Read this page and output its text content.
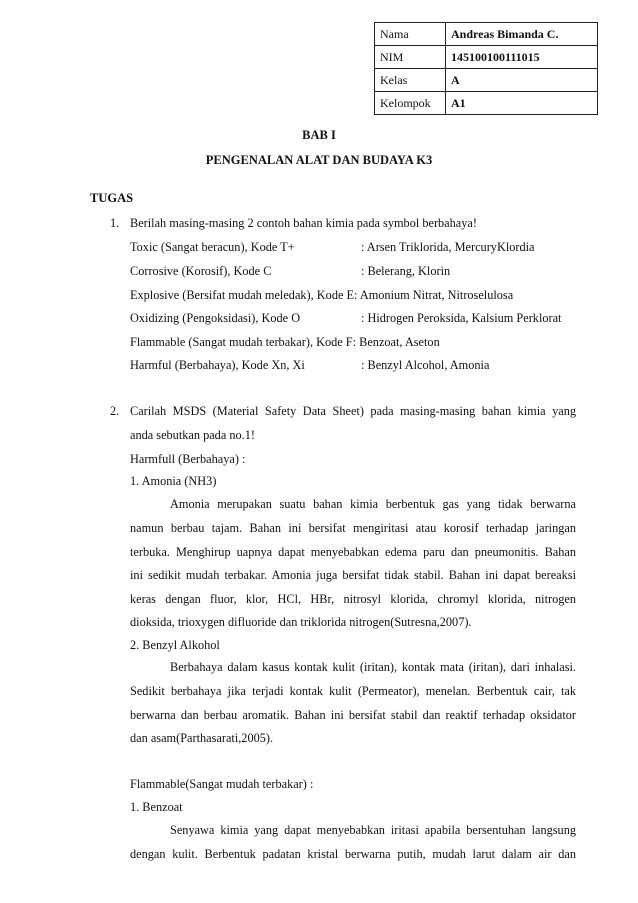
Nama	Andreas Bimanda C.
NIM	145100100111015
Kelas	A
Kelompok	A1
BAB I
PENGENALAN ALAT DAN BUDAYA K3
TUGAS
1. Berilah masing-masing 2 contoh bahan kimia pada symbol berbahaya!
Toxic (Sangat beracun), Kode T+	: Arsen Triklorida, MercuryKlordia
Corrosive (Korosif), Kode C	: Belerang, Klorin
Explosive (Bersifat mudah meledak), Kode E: Amonium Nitrat, Nitroselulosa
Oxidizing (Pengoksidasi), Kode O	: Hidrogen Peroksida, Kalsium Perklorat
Flammable (Sangat mudah terbakar), Kode F: Benzoat, Aseton
Harmful (Berbahaya), Kode Xn, Xi	: Benzyl Alcohol, Amonia
2. Carilah MSDS (Material Safety Data Sheet) pada masing-masing bahan kimia yang
anda sebutkan pada no.1!
Harmfull (Berbahaya) :
1. Amonia (NH3)
Amonia merupakan suatu bahan kimia berbentuk gas yang tidak berwarna
namun berbau tajam. Bahan ini bersifat mengiritasi atau korosif terhadap jaringan
terbuka. Menghirup uapnya dapat menyebabkan edema paru dan pneumonitis. Bahan
ini sedikit mudah terbakar. Amonia juga bersifat tidak stabil. Bahan ini dapat bereaksi
keras dengan fluor, klor, HCl, HBr, nitrosyl klorida, chromyl klorida, nitrogen
dioksida, trioxygen difluoride dan triklorida nitrogen(Sutresna,2007).
2. Benzyl Alkohol
Berbahaya dalam kasus kontak kulit (iritan), kontak mata (iritan), dari inhalasi.
Sedikit berbahaya jika terjadi kontak kulit (Permeator), menelan. Berbentuk cair, tak
berwarna dan berbau aromatik. Bahan ini bersifat stabil dan reaktif terhadap oksidator
dan asam(Parthasarati,2005).
Flammable(Sangat mudah terbakar) :
1. Benzoat
Senyawa kimia yang dapat menyebabkan iritasi apabila bersentuhan langsung
dengan kulit. Berbentuk padatan kristal berwarna putih, mudah larut dalam air dan
